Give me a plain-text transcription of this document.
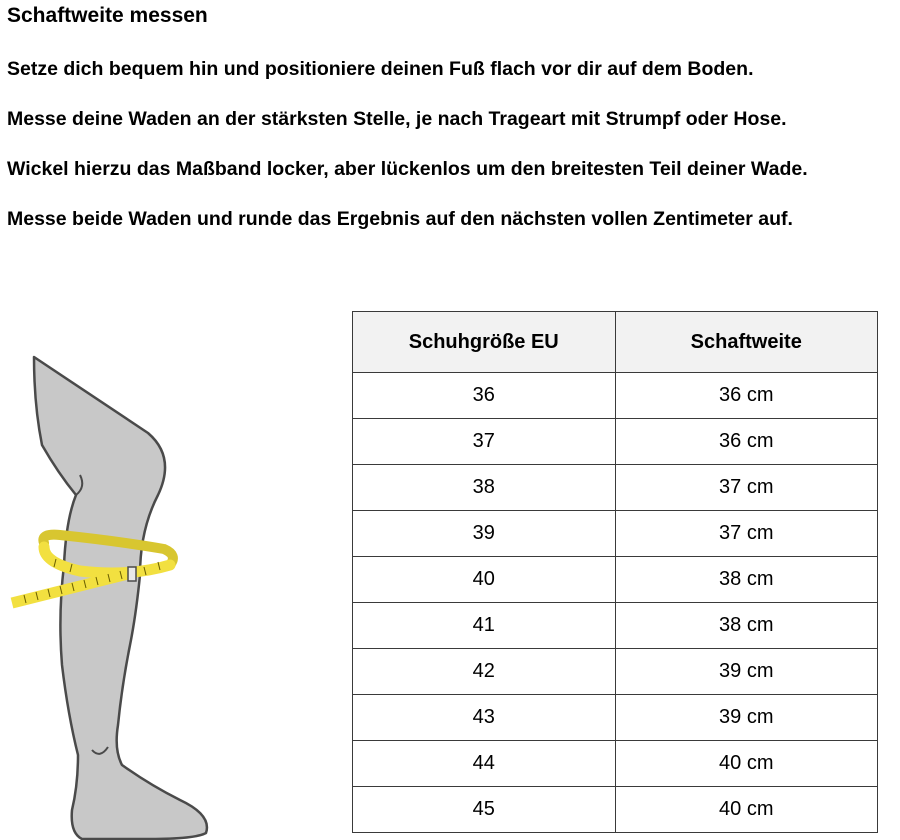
Schaftweite messen
Setze dich bequem hin und positioniere deinen Fuß flach vor dir auf dem Boden.
Messe deine Waden an der stärksten Stelle, je nach Trageart mit Strumpf oder Hose.
Wickel hierzu das Maßband locker, aber lückenlos um den breitesten Teil deiner Wade.
Messe beide Waden und runde das Ergebnis auf den nächsten vollen Zentimeter auf.
Schuhgröße EU	Schaftweite
36	36 cm
37	36 cm
38	37 cm
39	37 cm
40	38 cm
41	38 cm
42	39 cm
43	39 cm
44	40 cm
45	40 cm
